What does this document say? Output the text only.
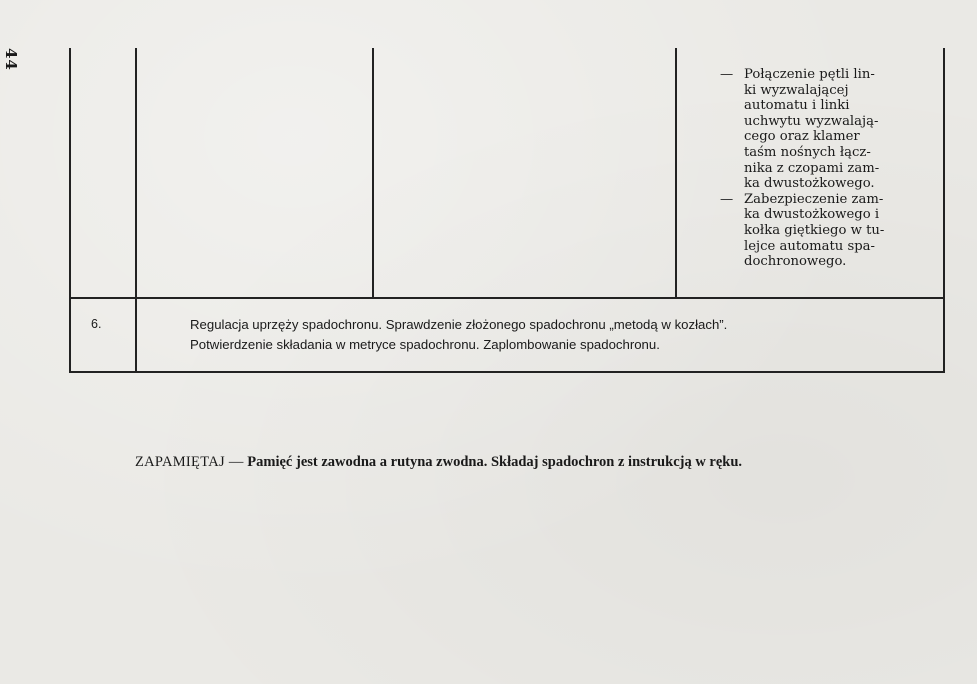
44
— Połączenie pętli lin-
ki wyzwalającej
automatu i linki
uchwytu wyzwalają-
cego oraz klamer
taśm nośnych łącz-
nika z czopami zam-
ka dwustożkowego.
— Zabezpieczenie zam-
ka dwustożkowego i
kołka giętkiego w tu-
lejce automatu spa-
dochronowego.
6.	Regulacja uprzęży spadochronu. Sprawdzenie złożonego spadochronu „metodą w kozłach”.
Potwierdzenie składania w metryce spadochronu. Zaplombowanie spadochronu.
ZAPAMIĘTAJ — Pamięć jest zawodna a rutyna zwodna. Składaj spadochron z instrukcją w ręku.
